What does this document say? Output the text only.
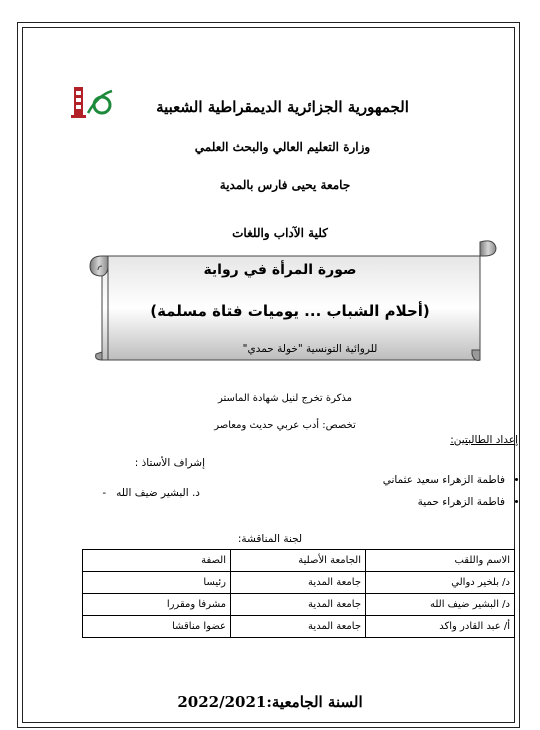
الجمهورية الجزائرية الديمقراطية الشعبية
وزارة التعليم العالي والبحث العلمي
جامعة يحيى فارس بالمدية
كلية الآداب واللغات
صورة المرأة في رواية
(أحلام الشباب ... يوميات فتاة مسلمة)
للروائية التونسية "خولة حمدي"
مذكرة تخرج لنيل شهادة الماستر
تخصص: أدب عربي حديث ومعاصر
إعداد الطالبتين:
إشراف الأستاذ :
• فاطمة الزهراء سعيد عثماني
• فاطمة الزهراء حمية
د. البشير ضيف الله   -
لجنة المناقشة:
الاسم واللقب	الجامعة الأصلية	الصفة
د/ بلخير دوالي	جامعة المدية	رئيسا
د/ البشير ضيف الله	جامعة المدية	مشرفا ومقررا
أ/ عبد القادر واكد	جامعة المدية	عضوا مناقشا
السنة الجامعية:2022/2021
